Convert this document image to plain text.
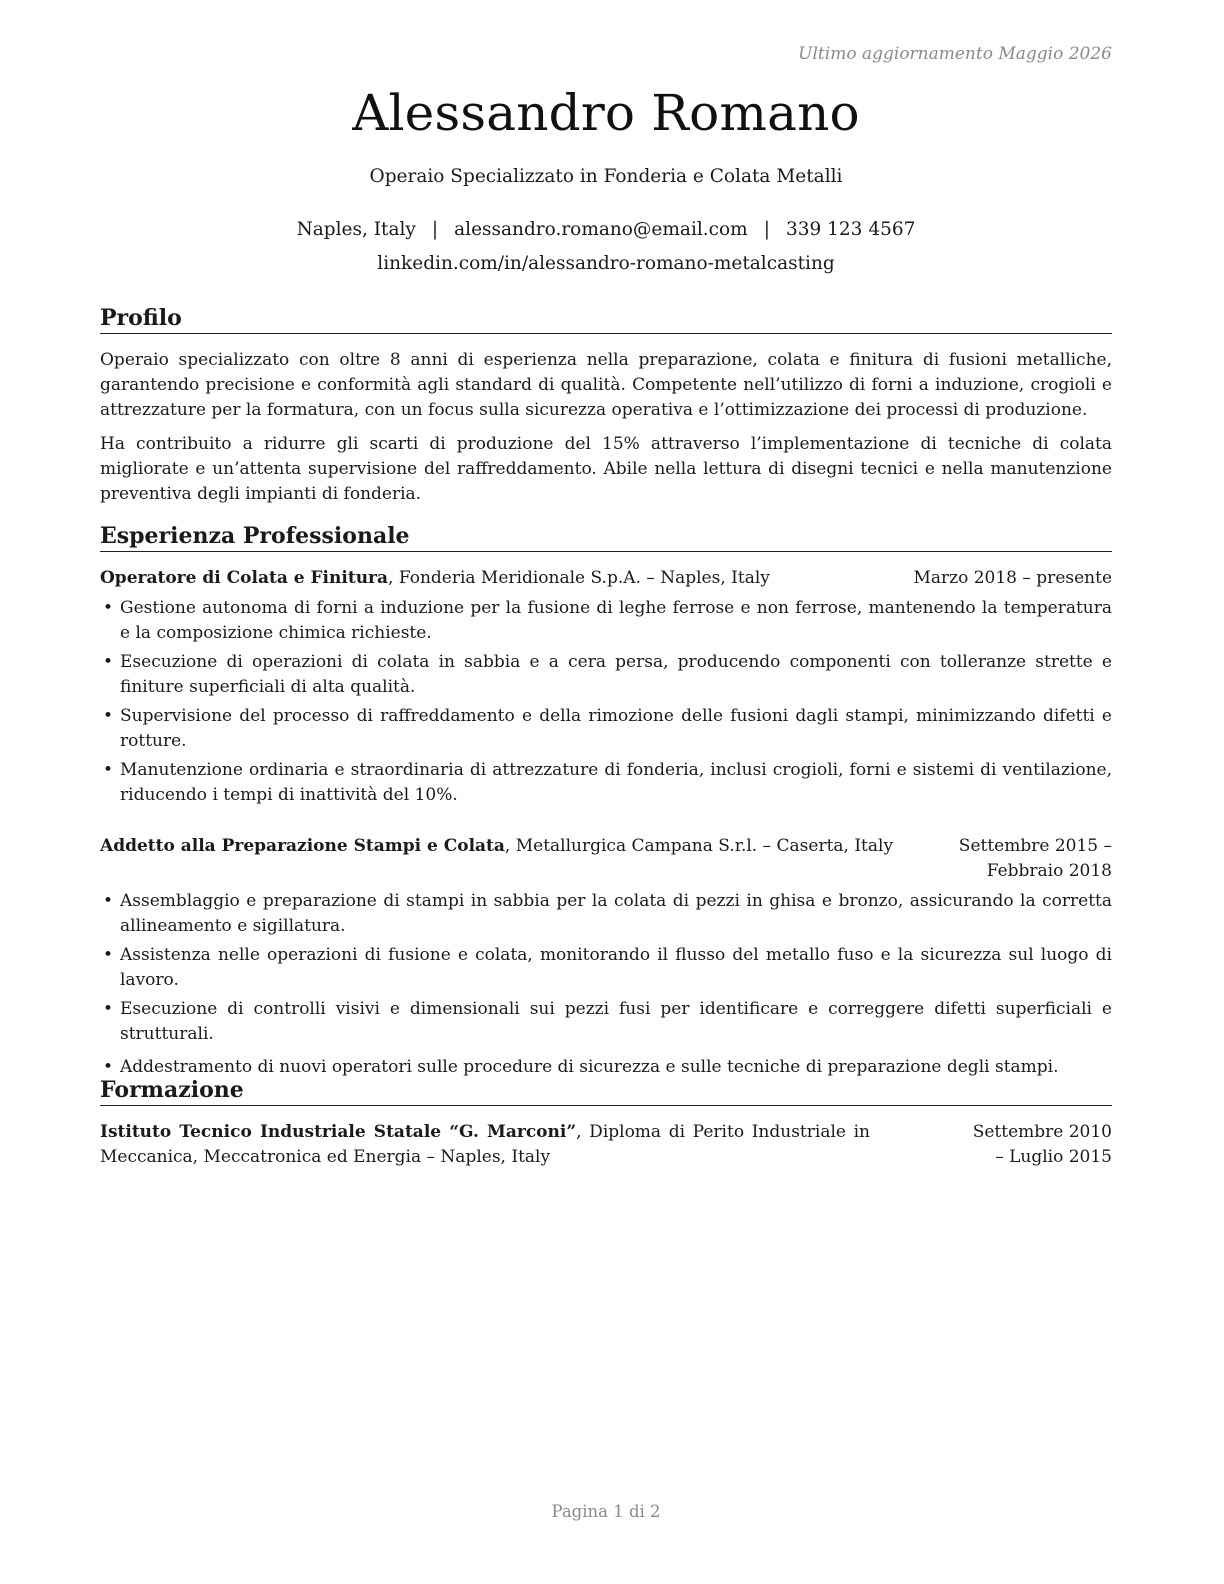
Ultimo aggiornamento Maggio 2026
Alessandro Romano
Operaio Specializzato in Fonderia e Colata Metalli
Naples, Italy | alessandro.romano@email.com | 339 123 4567
linkedin.com/in/alessandro-romano-metalcasting
Profilo
Operaio specializzato con oltre 8 anni di esperienza nella preparazione, colata e finitura di fusioni metalliche, garantendo precisione e conformità agli standard di qualità. Competente nell’utilizzo di forni a induzione, crogioli e attrezzature per la formatura, con un focus sulla sicurezza operativa e l’ottimizzazione dei processi di produzione.
Ha contribuito a ridurre gli scarti di produzione del 15% attraverso l’implementazione di tecniche di colata migliorate e un’attenta supervisione del raffreddamento. Abile nella lettura di disegni tecnici e nella manutenzione preventiva degli impianti di fonderia.
Esperienza Professionale
Operatore di Colata e Finitura, Fonderia Meridionale S.p.A. – Naples, Italy	Marzo 2018 – presente
• Gestione autonoma di forni a induzione per la fusione di leghe ferrose e non ferrose, mantenendo la temperatura e la composizione chimica richieste.
• Esecuzione di operazioni di colata in sabbia e a cera persa, producendo componenti con tolleranze strette e finiture superficiali di alta qualità.
• Supervisione del processo di raffreddamento e della rimozione delle fusioni dagli stampi, minimizzando difetti e rotture.
• Manutenzione ordinaria e straordinaria di attrezzature di fonderia, inclusi crogioli, forni e sistemi di ventilazione, riducendo i tempi di inattività del 10%.
Addetto alla Preparazione Stampi e Colata, Metallurgica Campana S.r.l. – Caserta, Italy	Settembre 2015 – Febbraio 2018
• Assemblaggio e preparazione di stampi in sabbia per la colata di pezzi in ghisa e bronzo, assicurando la corretta allineamento e sigillatura.
• Assistenza nelle operazioni di fusione e colata, monitorando il flusso del metallo fuso e la sicurezza sul luogo di lavoro.
• Esecuzione di controlli visivi e dimensionali sui pezzi fusi per identificare e correggere difetti superficiali e strutturali.
• Addestramento di nuovi operatori sulle procedure di sicurezza e sulle tecniche di preparazione degli stampi.
Formazione
Istituto Tecnico Industriale Statale “G. Marconi”, Diploma di Perito Industriale in Meccanica, Meccatronica ed Energia – Naples, Italy
Settembre 2010 – Luglio 2015
Pagina 1 di 2
